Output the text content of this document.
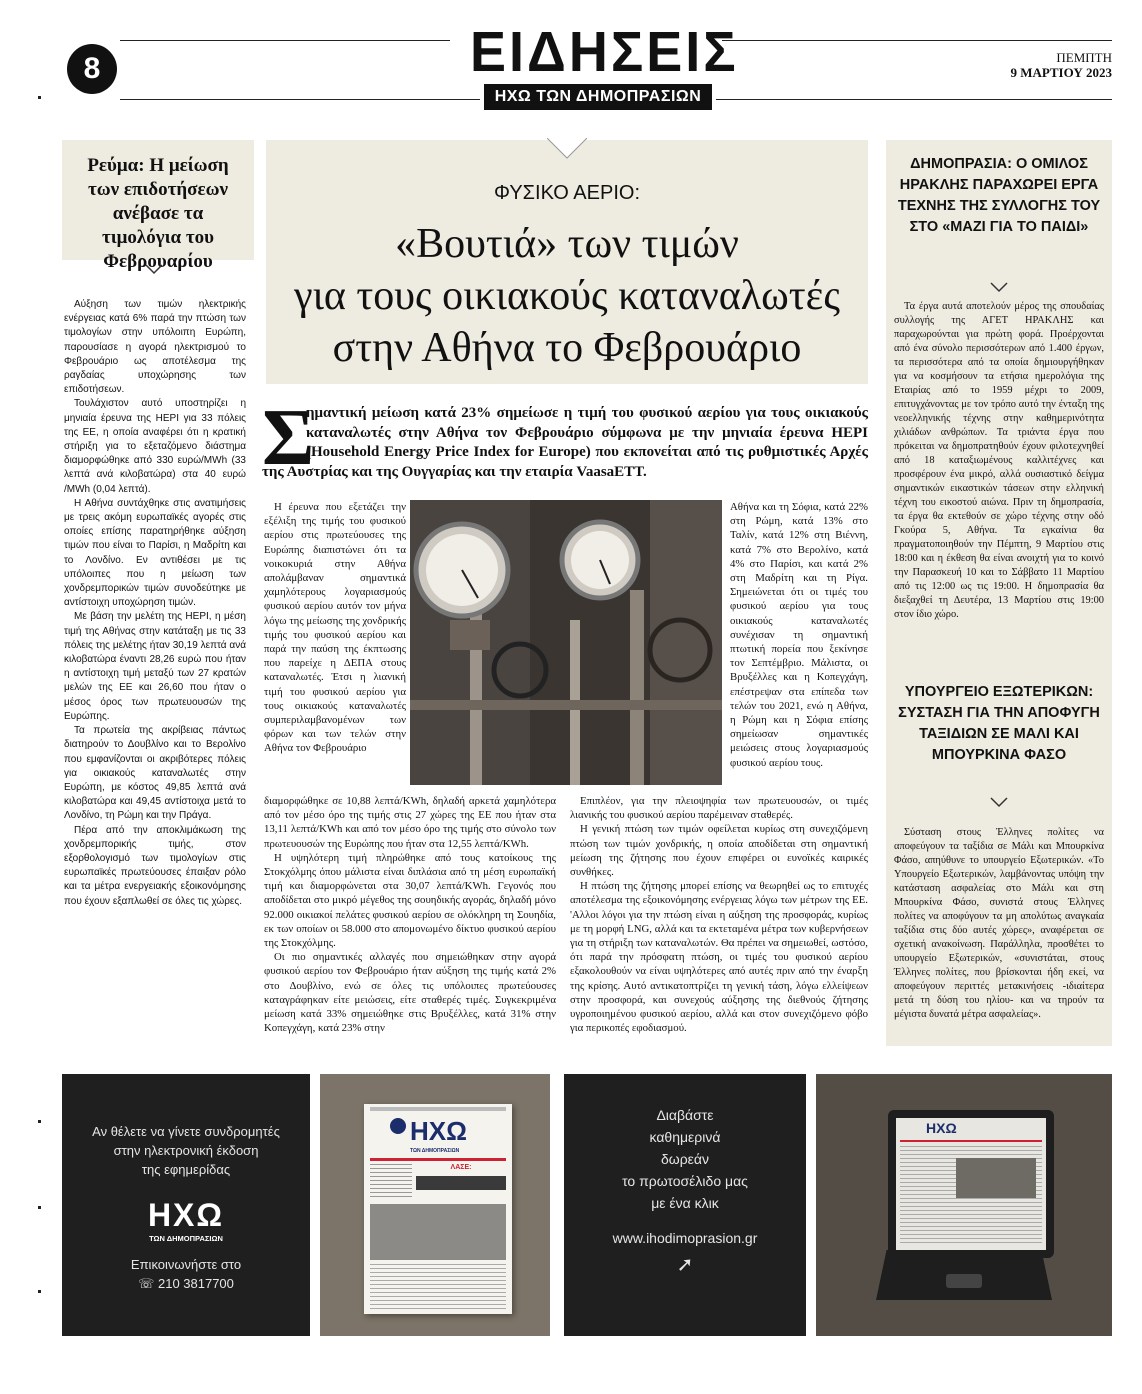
8	ΕΙΔΗΣΕΙΣ
ΗΧΩ ΤΩΝ ΔΗΜΟΠΡΑΣΙΩΝ
ΠΕΜΠΤΗ
9 ΜΑΡΤΙΟΥ 2023
Ρεύμα: Η μείωση των επιδοτήσεων ανέβασε τα τιμολόγια του Φεβρουαρίου

Αύξηση των τιμών ηλεκτρικής ενέργειας κατά 6% παρά την πτώση των τιμολογίων στην υπόλοιπη Ευρώπη, παρουσίασε η αγορά ηλεκτρισμού το Φεβρουάριο ως αποτέλεσμα της ραγδαίας υποχώρησης των επιδοτήσεων.

Τουλάχιστον αυτό υποστηρίζει η μηνιαία έρευνα της HEPI για 33 πόλεις της ΕΕ, η οποία αναφέρει ότι η κρατική στήριξη για το εξεταζόμενο διάστημα διαμορφώθηκε από 330 ευρώ/MWh (33 λεπτά ανά κιλοβατώρα) στα 40 ευρώ /MWh (0,04 λεπτά).

Η Αθήνα συντάχθηκε στις ανατιμήσεις με τρεις ακόμη ευρωπαϊκές αγορές στις οποίες επίσης παρατηρήθηκε αύξηση τιμών που είναι το Παρίσι, η Μαδρίτη και το Λονδίνο. Εν αντιθέσει με τις υπόλοιπες που η μείωση των χονδρεμπορικών τιμών συνοδεύτηκε με αντίστοιχη υποχώρηση τιμών.

Με βάση την μελέτη της HEPI, η μέση τιμή της Αθήνας στην κατάταξη με τις 33 πόλεις της μελέτης ήταν 30,19 λεπτά ανά κιλοβατώρα έναντι 28,26 ευρώ που ήταν η αντίστοιχη τιμή μεταξύ των 27 κρατών μελών της ΕΕ και 26,60 που ήταν ο μέσος όρος των πρωτευουσών της Ευρώπης.

Τα πρωτεία της ακρίβειας πάντως διατηρούν το Δουβλίνο και το Βερολίνο που εμφανίζονται οι ακριβότερες πόλεις για οικιακούς καταναλωτές στην Ευρώπη, με κόστος 49,85 λεπτά ανά κιλοβατώρα και 49,45 αντίστοιχα μετά το Λονδίνο, τη Ρώμη και την Πράγα.

Πέρα από την αποκλιμάκωση της χονδρεμπορικής τιμής, στον εξορθολογισμό των τιμολογίων στις ευρωπαϊκές πρωτεύουσες έπαιξαν ρόλο και τα μέτρα ενεργειακής εξοικονόμησης που έχουν εξαπλωθεί σε όλες τις χώρες.

ΦΥΣΙΚΟ ΑΕΡΙΟ:
«Βουτιά» των τιμών
για τους οικιακούς καταναλωτές
στην Αθήνα το Φεβρουάριο
Σ
ημαντική μείωση κατά 23% σημείωσε η τιμή του φυσικού αερίου για τους οικιακούς καταναλωτές στην Αθήνα τον Φεβρουάριο σύμφωνα με την μηνιαία έρευνα HEPI (Household Energy Price Index for Europe) που εκπονείται από τις ρυθμιστικές Αρχές της Αυστρίας και της Ουγγαρίας και την εταιρία VaasaETT.

Η έρευνα που εξετάζει την εξέλιξη της τιμής του φυσικού αερίου στις πρωτεύουσες της Ευρώπης διαπιστώνει ότι τα νοικοκυριά στην Αθήνα απολάμβαναν σημαντικά χαμηλότερους λογαριασμούς φυσικού αερίου αυτόν τον μήνα λόγω της μείωσης της χονδρικής τιμής του φυσικού αερίου και παρά την παύση της έκπτωσης που παρείχε η ΔΕΠΑ στους καταναλωτές. Έτσι η λιανική τιμή του φυσικού αερίου για τους οικιακούς καταναλωτές συμπεριλαμβανομένων των φόρων και των τελών στην Αθήνα τον Φεβρουάριο

Αθήνα και τη Σόφια, κατά 22% στη Ρώμη, κατά 13% στο Ταλίν, κατά 12% στη Βιέννη, κατά 7% στο Βερολίνο, κατά 4% στο Παρίσι, και κατά 2% στη Μαδρίτη και τη Ρίγα. Σημειώνεται ότι οι τιμές του φυσικού αερίου για τους οικιακούς καταναλωτές συνέχισαν τη σημαντική πτωτική πορεία που ξεκίνησε τον Σεπτέμβριο. Μάλιστα, οι Βρυξέλλες και η Κοπεγχάγη, επέστρεψαν στα επίπεδα των τελών του 2021, ενώ η Αθήνα, η Ρώμη και η Σόφια επίσης σημείωσαν σημαντικές μειώσεις στους λογαριασμούς φυσικού αερίου τους.

διαμορφώθηκε σε 10,88 λεπτά/KWh, δηλαδή αρκετά χαμηλότερα από τον μέσο όρο της τιμής στις 27 χώρες της ΕΕ που ήταν στα 13,11 λεπτά/KWh και από τον μέσο όρο της τιμής στο σύνολο των πρωτευουσών της Ευρώπης που ήταν στα 12,55 λεπτά/KWh.

Η υψηλότερη τιμή πληρώθηκε από τους κατοίκους της Στοκχόλμης όπου μάλιστα είναι διπλάσια από τη μέση ευρωπαϊκή τιμή και διαμορφώνεται στα 30,07 λεπτά/KWh. Γεγονός που αποδίδεται στο μικρό μέγεθος της σουηδικής αγοράς, δηλαδή μόνο 92.000 οικιακοί πελάτες φυσικού αερίου σε ολόκληρη τη Σουηδία, εκ των οποίων οι 58.000 στο απομονωμένο δίκτυο φυσικού αερίου της Στοκχόλμης.

Οι πιο σημαντικές αλλαγές που σημειώθηκαν στην αγορά φυσικού αερίου τον Φεβρουάριο ήταν αύξηση της τιμής κατά 2% στο Δουβλίνο, ενώ σε όλες τις υπόλοιπες πρωτεύουσες καταγράφηκαν είτε μειώσεις, είτε σταθερές τιμές. Συγκεκριμένα μείωση κατά 33% σημειώθηκε στις Βρυξέλλες, κατά 31% στην Κοπεγχάγη, κατά 23% στην

Επιπλέον, για την πλειοψηφία των πρωτευουσών, οι τιμές λιανικής του φυσικού αερίου παρέμειναν σταθερές.

Η γενική πτώση των τιμών οφείλεται κυρίως στη συνεχιζόμενη πτώση των τιμών χονδρικής, η οποία αποδίδεται στη σημαντική μείωση της ζήτησης που έχουν επιφέρει οι ευνοϊκές καιρικές συνθήκες.

Η πτώση της ζήτησης μπορεί επίσης να θεωρηθεί ως το επιτυχές αποτέλεσμα της εξοικονόμησης ενέργειας λόγω των μέτρων της ΕΕ. 'Αλλοι λόγοι για την πτώση είναι η αύξηση της προσφοράς, κυρίως με τη μορφή LNG, αλλά και τα εκτεταμένα μέτρα των κυβερνήσεων για τη στήριξη των καταναλωτών. Θα πρέπει να σημειωθεί, ωστόσο, ότι παρά την πρόσφατη πτώση, οι τιμές του φυσικού αερίου εξακολουθούν να είναι υψηλότερες από αυτές πριν από την έναρξη της κρίσης. Αυτό αντικατοπτρίζει τη γενική τάση, λόγω ελλείψεων στην προσφορά, και συνεχούς αύξησης της διεθνούς ζήτησης υγροποιημένου φυσικού αερίου, αλλά και στον συνεχιζόμενο φόβο για περικοπές εφοδιασμού.

ΔΗΜΟΠΡΑΣΙΑ: Ο ΟΜΙΛΟΣ ΗΡΑΚΛΗΣ ΠΑΡΑΧΩΡΕΙ ΕΡΓΑ ΤΕΧΝΗΣ ΤΗΣ ΣΥΛΛΟΓΗΣ ΤΟΥ ΣΤΟ «ΜΑΖΙ ΓΙΑ ΤΟ ΠΑΙΔΙ»

Τα έργα αυτά αποτελούν μέρος της σπουδαίας συλλογής της ΑΓΕΤ ΗΡΑΚΛΗΣ και παραχωρούνται για πρώτη φορά. Προέρχονται από ένα σύνολο περισσότερων από 1.400 έργων, τα περισσότερα από τα οποία δημιουργήθηκαν για να κοσμήσουν τα ετήσια ημερολόγια της Εταιρίας από το 1959 μέχρι το 2009, επιτυγχάνοντας με τον τρόπο αυτό την ένταξη της νεοελληνικής τέχνης στην καθημερινότητα χιλιάδων ανθρώπων. Τα τριάντα έργα που πρόκειται να δημοπρατηθούν έχουν φιλοτεχνηθεί από 18 καταξιωμένους καλλιτέχνες και προσφέρουν ένα μικρό, αλλά ουσιαστικό δείγμα σημαντικών εικαστικών τάσεων στην ελληνική τέχνη του εικοστού αιώνα. Πριν τη δημοπρασία, τα έργα θα εκτεθούν σε χώρο τέχνης στην οδό Γκούρα 5, Αθήνα. Τα εγκαίνια θα πραγματοποιηθούν την Πέμπτη, 9 Μαρτίου στις 18:00 και η έκθεση θα είναι ανοιχτή για το κοινό την Παρασκευή 10 και το Σάββατο 11 Μαρτίου από τις 12:00 ως τις 19:00. Η δημοπρασία θα διεξαχθεί τη Δευτέρα, 13 Μαρτίου στις 19:00 στον ίδιο χώρο.

ΥΠΟΥΡΓΕΙΟ ΕΞΩΤΕΡΙΚΩΝ: ΣΥΣΤΑΣΗ ΓΙΑ ΤΗΝ ΑΠΟΦΥΓΗ ΤΑΞΙΔΙΩΝ ΣΕ ΜΑΛΙ ΚΑΙ ΜΠΟΥΡΚΙΝΑ ΦΑΣΟ

Σύσταση στους Έλληνες πολίτες να αποφεύγουν τα ταξίδια σε Μάλι και Μπουρκίνα Φάσο, απηύθυνε το υπουργείο Εξωτερικών. «Το Υπουργείο Εξωτερικών, λαμβάνοντας υπόψη την κατάσταση ασφαλείας στο Μάλι και στη Μπουρκίνα Φάσο, συνιστά στους Έλληνες πολίτες να αποφύγουν τα μη απολύτως αναγκαία ταξίδια στις δύο αυτές χώρες», αναφέρεται σε σχετική ανακοίνωση. Παράλληλα, προσθέτει το υπουργείο Εξωτερικών, «συνιστάται, στους Έλληνες πολίτες, που βρίσκονται ήδη εκεί, να αποφεύγουν περιττές μετακινήσεις -ιδιαίτερα μετά τη δύση του ηλίου- και να τηρούν τα μέγιστα δυνατά μέτρα ασφαλείας».

Αν θέλετε να γίνετε συνδρομητές
στην ηλεκτρονική έκδοση
της εφημερίδας
ΗΧΩ
ΤΩΝ ΔΗΜΟΠΡΑΣΙΩΝ
Επικοινωνήστε στο
☏ 210 3817700
ΗΧΩ
ΤΩΝ ΔΗΜΟΠΡΑΣΙΩΝ
ΛΑΣΕ:
Διαβάστε
καθημερινά
δωρεάν
το πρωτοσέλιδο μας
με ένα κλικ
www.ihodimoprasion.gr
➚
ΗΧΩ
